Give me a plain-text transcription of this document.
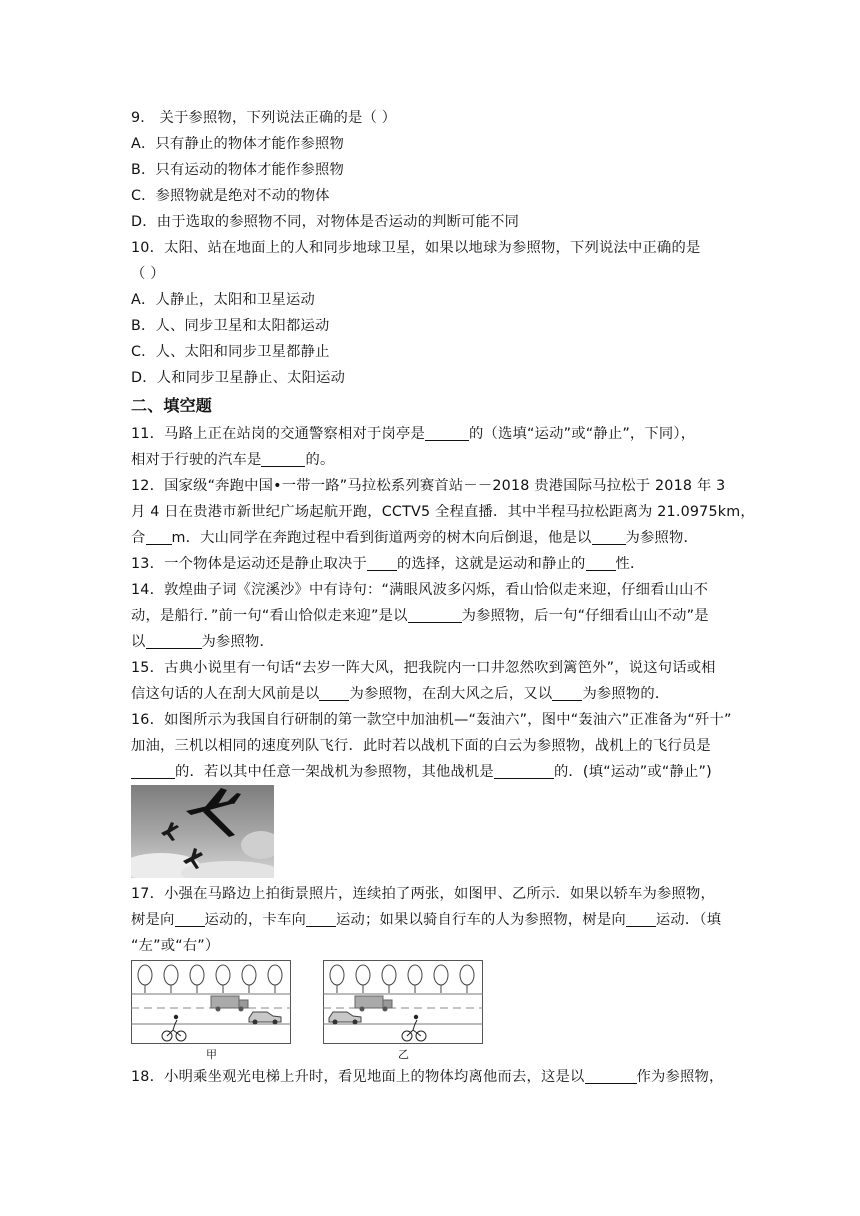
9． 关于参照物，下列说法正确的是（ ）
A．只有静止的物体才能作参照物
B．只有运动的物体才能作参照物
C．参照物就是绝对不动的物体
D．由于选取的参照物不同，对物体是否运动的判断可能不同
10．太阳、站在地面上的人和同步地球卫星，如果以地球为参照物，下列说法中正确的是
（ ）
A．人静止，太阳和卫星运动
B．人、同步卫星和太阳都运动
C．人、太阳和同步卫星都静止
D．人和同步卫星静止、太阳运动
二、填空题
11．马路上正在站岗的交通警察相对于岗亭是	的（选填“运动”或“静止”，下同），
相对于行驶的汽车是	的。
12．国家级“奔跑中国•一带一路”马拉松系列赛首站－－2018 贵港国际马拉松于 2018 年 3
月 4 日在贵港市新世纪广场起航开跑，CCTV5 全程直播．其中半程马拉松距离为 21.0975km，
合 m．大山同学在奔跑过程中看到街道两旁的树木向后倒退，他是以 为参照物．
13．一个物体是运动还是静止取决于 的选择，这就是运动和静止的 性．
14．敦煌曲子词《浣溪沙》中有诗句：“满眼风波多闪烁，看山恰似走来迎，仔细看山山不
动，是船行．”前一句“看山恰似走来迎”是以	为参照物，后一句“仔细看山山不动”是
以	为参照物．
15．古典小说里有一句话“去岁一阵大风，把我院内一口井忽然吹到篱笆外”，说这句话或相
信这句话的人在刮大风前是以 为参照物，在刮大风之后，又以 为参照物的．
16．如图所示为我国自行研制的第一款空中加油机—“轰油六”，图中“轰油六”正准备为“歼十”
加油，三机以相同的速度列队飞行．此时若以战机下面的白云为参照物，战机上的飞行员是
的．若以其中任意一架战机为参照物，其他战机是	的．(填“运动”或“静止”)
17．小强在马路边上拍街景照片，连续拍了两张，如图甲、乙所示．如果以轿车为参照物，
树是向 运动的，卡车向 运动；如果以骑自行车的人为参照物，树是向 运动．（填
“左”或“右”）
甲	乙
18．小明乘坐观光电梯上升时，看见地面上的物体均离他而去，这是以	作为参照物，
